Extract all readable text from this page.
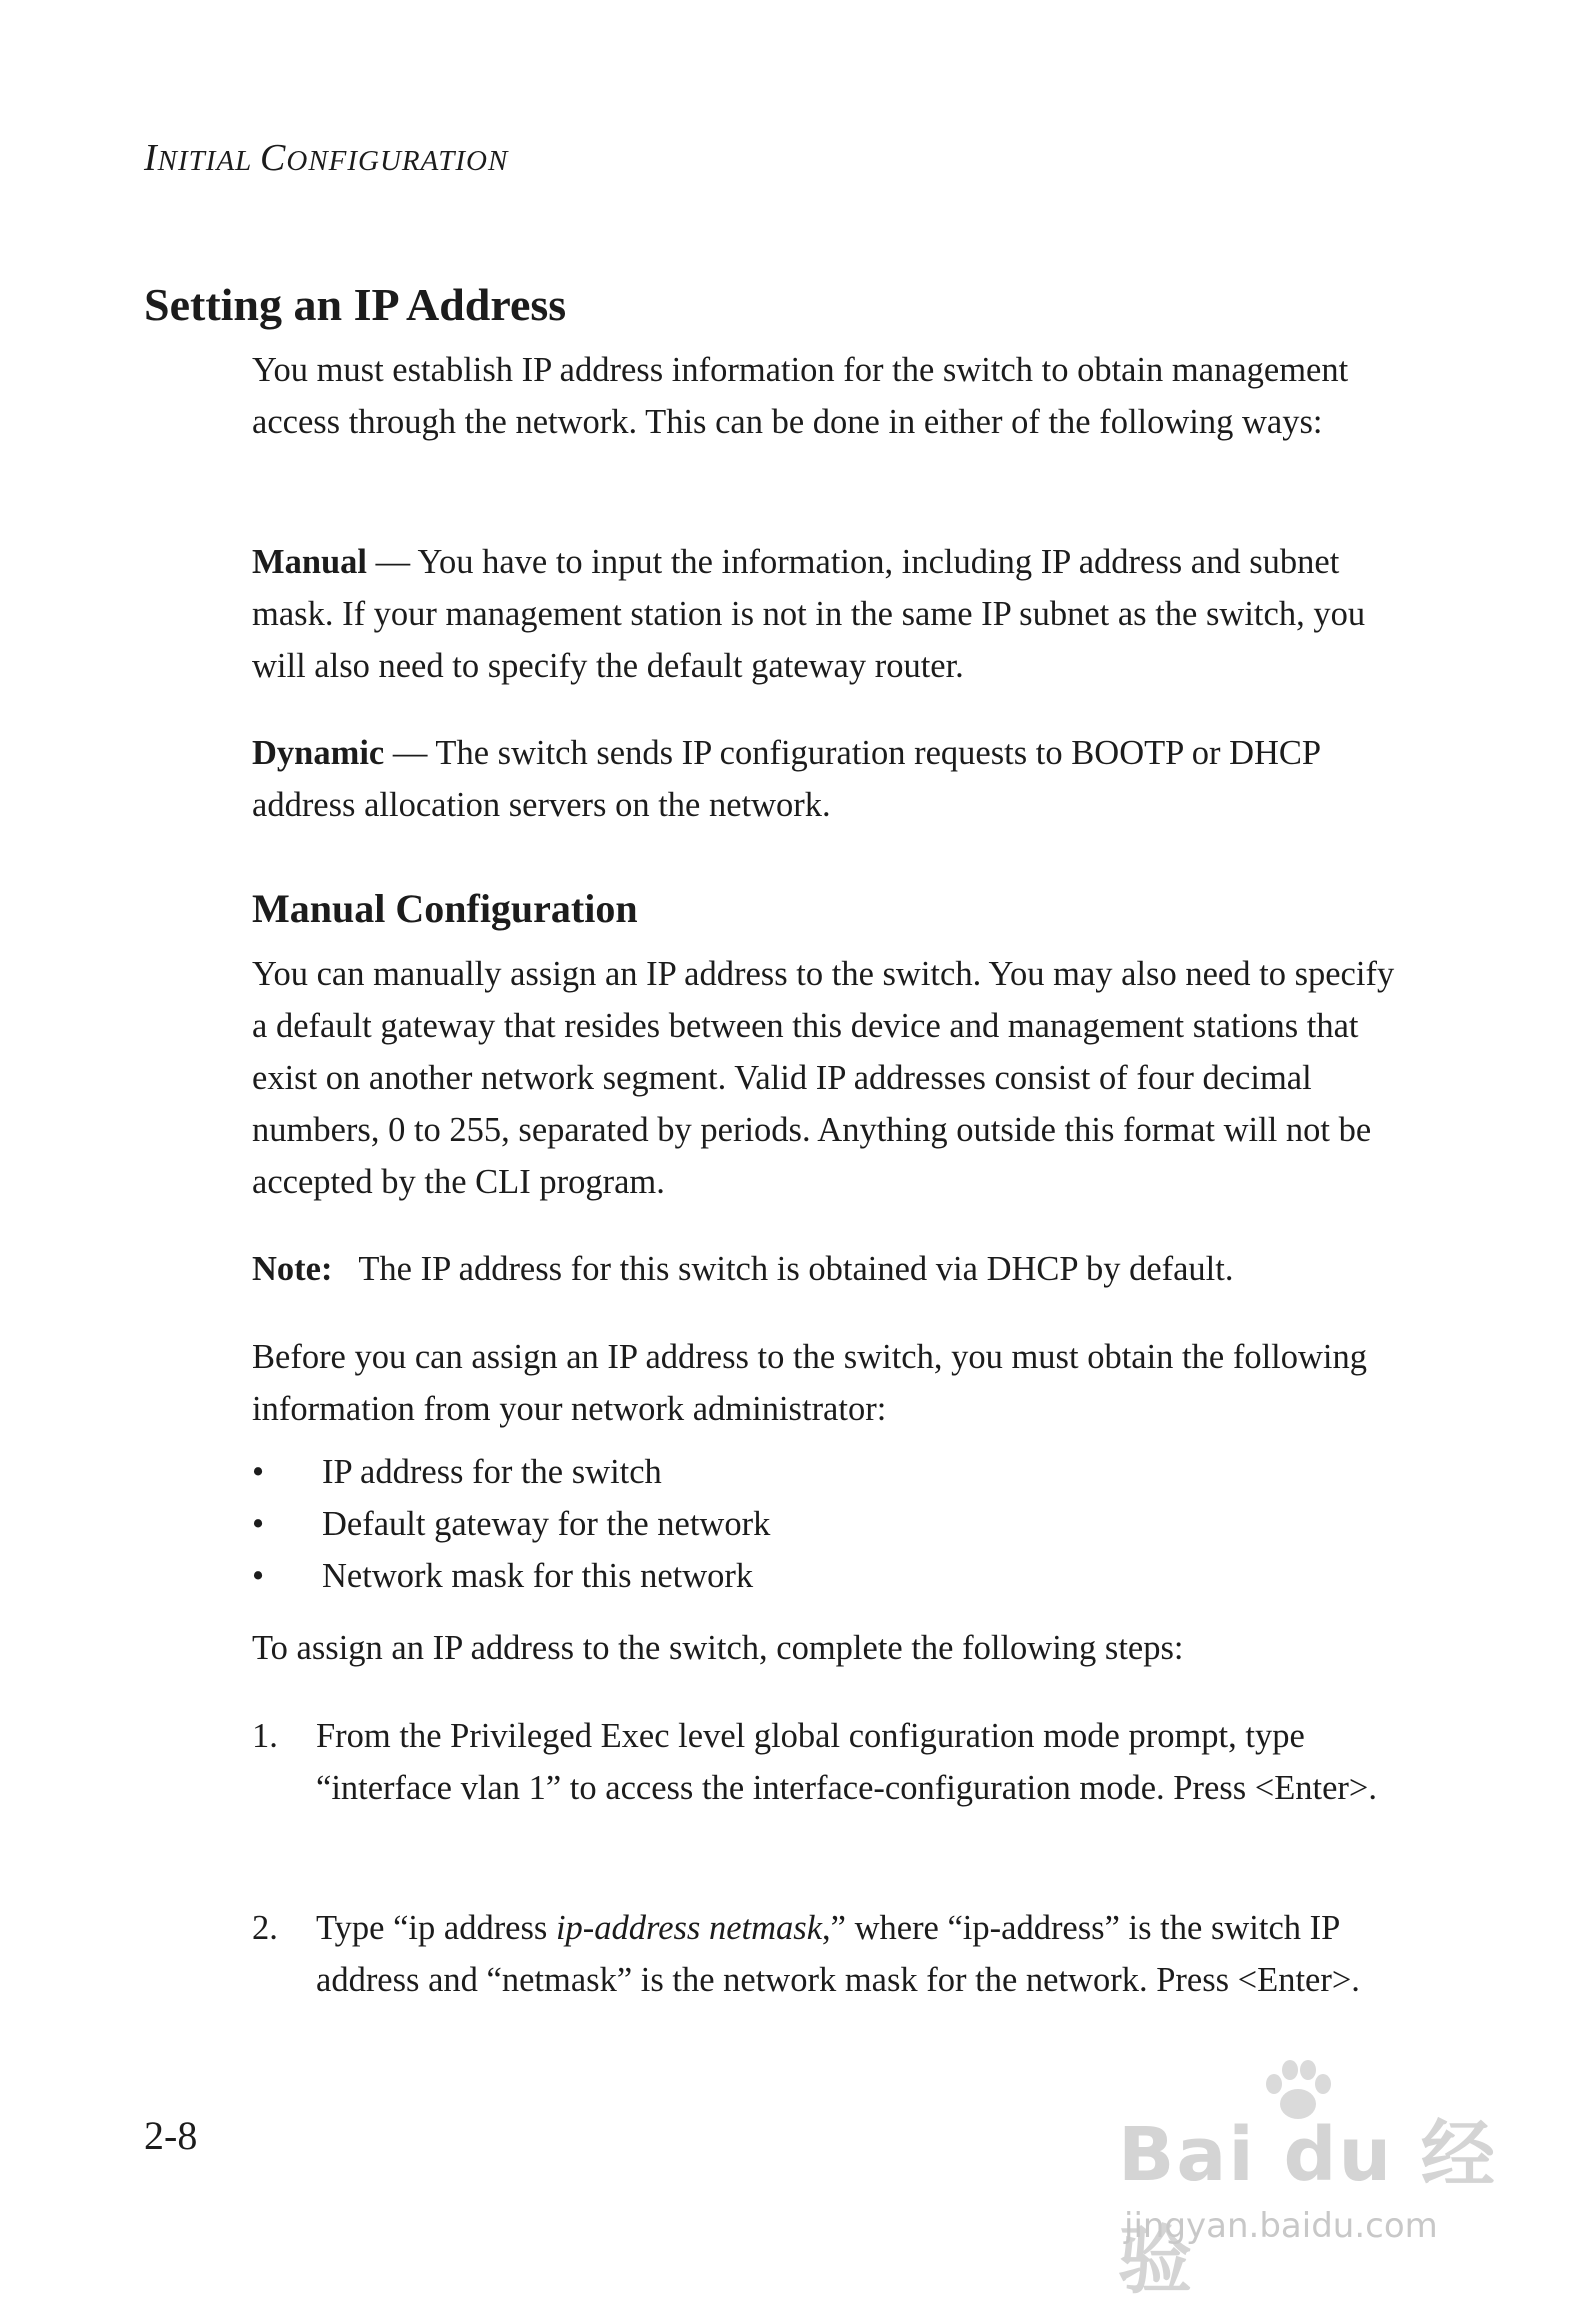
INITIAL CONFIGURATION
Setting an IP Address

You must establish IP address information for the switch to obtain management access through the network. This can be done in either of the following ways:

Manual — You have to input the information, including IP address and subnet mask. If your management station is not in the same IP subnet as the switch, you will also need to specify the default gateway router.

Dynamic — The switch sends IP configuration requests to BOOTP or DHCP address allocation servers on the network.

Manual Configuration

You can manually assign an IP address to the switch. You may also need to specify a default gateway that resides between this device and management stations that exist on another network segment. Valid IP addresses consist of four decimal numbers, 0 to 255, separated by periods. Anything outside this format will not be accepted by the CLI program.

Note: The IP address for this switch is obtained via DHCP by default.

Before you can assign an IP address to the switch, you must obtain the following information from your network administrator:

• IP address for the switch
• Default gateway for the network
• Network mask for this network

To assign an IP address to the switch, complete the following steps:

1. From the Privileged Exec level global configuration mode prompt, type “interface vlan 1” to access the interface-configuration mode. Press <Enter>.
2. Type “ip address ip-address netmask,” where “ip-address” is the switch IP address and “netmask” is the network mask for the network. Press <Enter>.
2-8	Bai du 经验
jingyan.baidu.com
